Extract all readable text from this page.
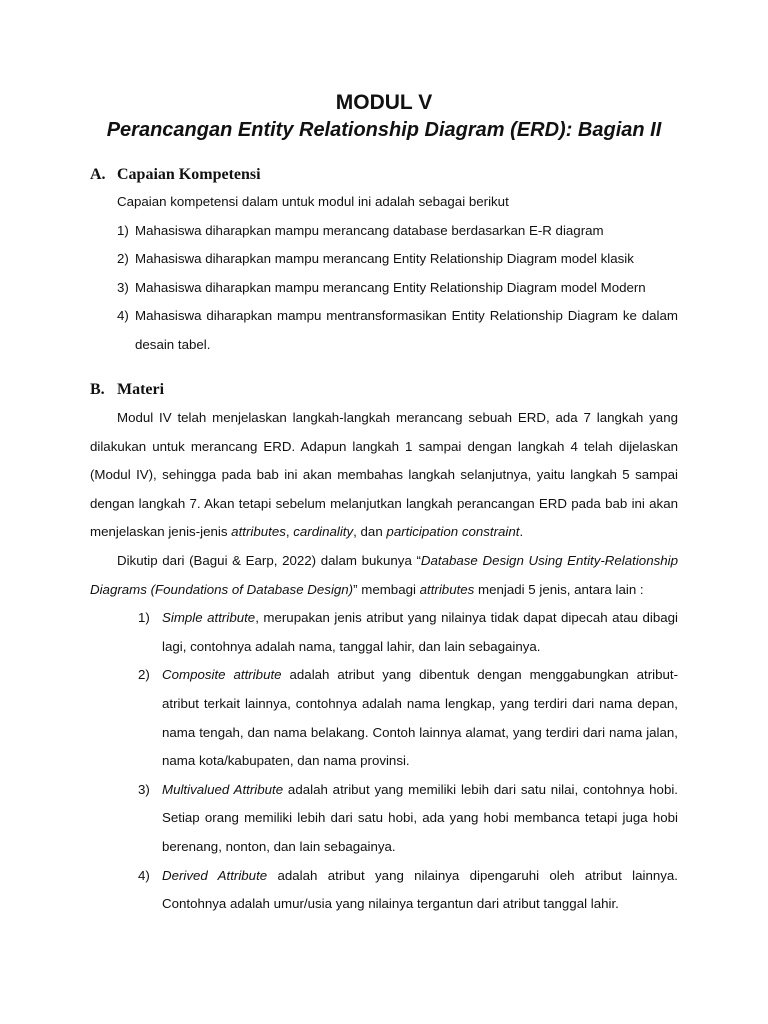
MODUL V
Perancangan Entity Relationship Diagram (ERD): Bagian II
A. Capaian Kompetensi

Capaian kompetensi dalam untuk modul ini adalah sebagai berikut

1) Mahasiswa diharapkan mampu merancang database berdasarkan E-R diagram
2) Mahasiswa diharapkan mampu merancang Entity Relationship Diagram model klasik
3) Mahasiswa diharapkan mampu merancang Entity Relationship Diagram model Modern
4) Mahasiswa diharapkan mampu mentransformasikan Entity Relationship Diagram ke dalam desain tabel.
B. Materi

Modul IV telah menjelaskan langkah-langkah merancang sebuah ERD, ada 7 langkah yang dilakukan untuk merancang ERD. Adapun langkah 1 sampai dengan langkah 4 telah dijelaskan (Modul IV), sehingga pada bab ini akan membahas langkah selanjutnya, yaitu langkah 5 sampai dengan langkah 7. Akan tetapi sebelum melanjutkan langkah perancangan ERD pada bab ini akan menjelaskan jenis-jenis attributes, cardinality, dan participation constraint.

Dikutip dari (Bagui & Earp, 2022) dalam bukunya “Database Design Using Entity-Relationship Diagrams (Foundations of Database Design)” membagi attributes menjadi 5 jenis, antara lain :

1) Simple attribute, merupakan jenis atribut yang nilainya tidak dapat dipecah atau dibagi lagi, contohnya adalah nama, tanggal lahir, dan lain sebagainya.
2) Composite attribute adalah atribut yang dibentuk dengan menggabungkan atribut-atribut terkait lainnya, contohnya adalah nama lengkap, yang terdiri dari nama depan, nama tengah, dan nama belakang. Contoh lainnya alamat, yang terdiri dari nama jalan, nama kota/kabupaten, dan nama provinsi.
3) Multivalued Attribute adalah atribut yang memiliki lebih dari satu nilai, contohnya hobi. Setiap orang memiliki lebih dari satu hobi, ada yang hobi membanca tetapi juga hobi berenang, nonton, dan lain sebagainya.
4) Derived Attribute adalah atribut yang nilainya dipengaruhi oleh atribut lainnya. Contohnya adalah umur/usia yang nilainya tergantun dari atribut tanggal lahir.
